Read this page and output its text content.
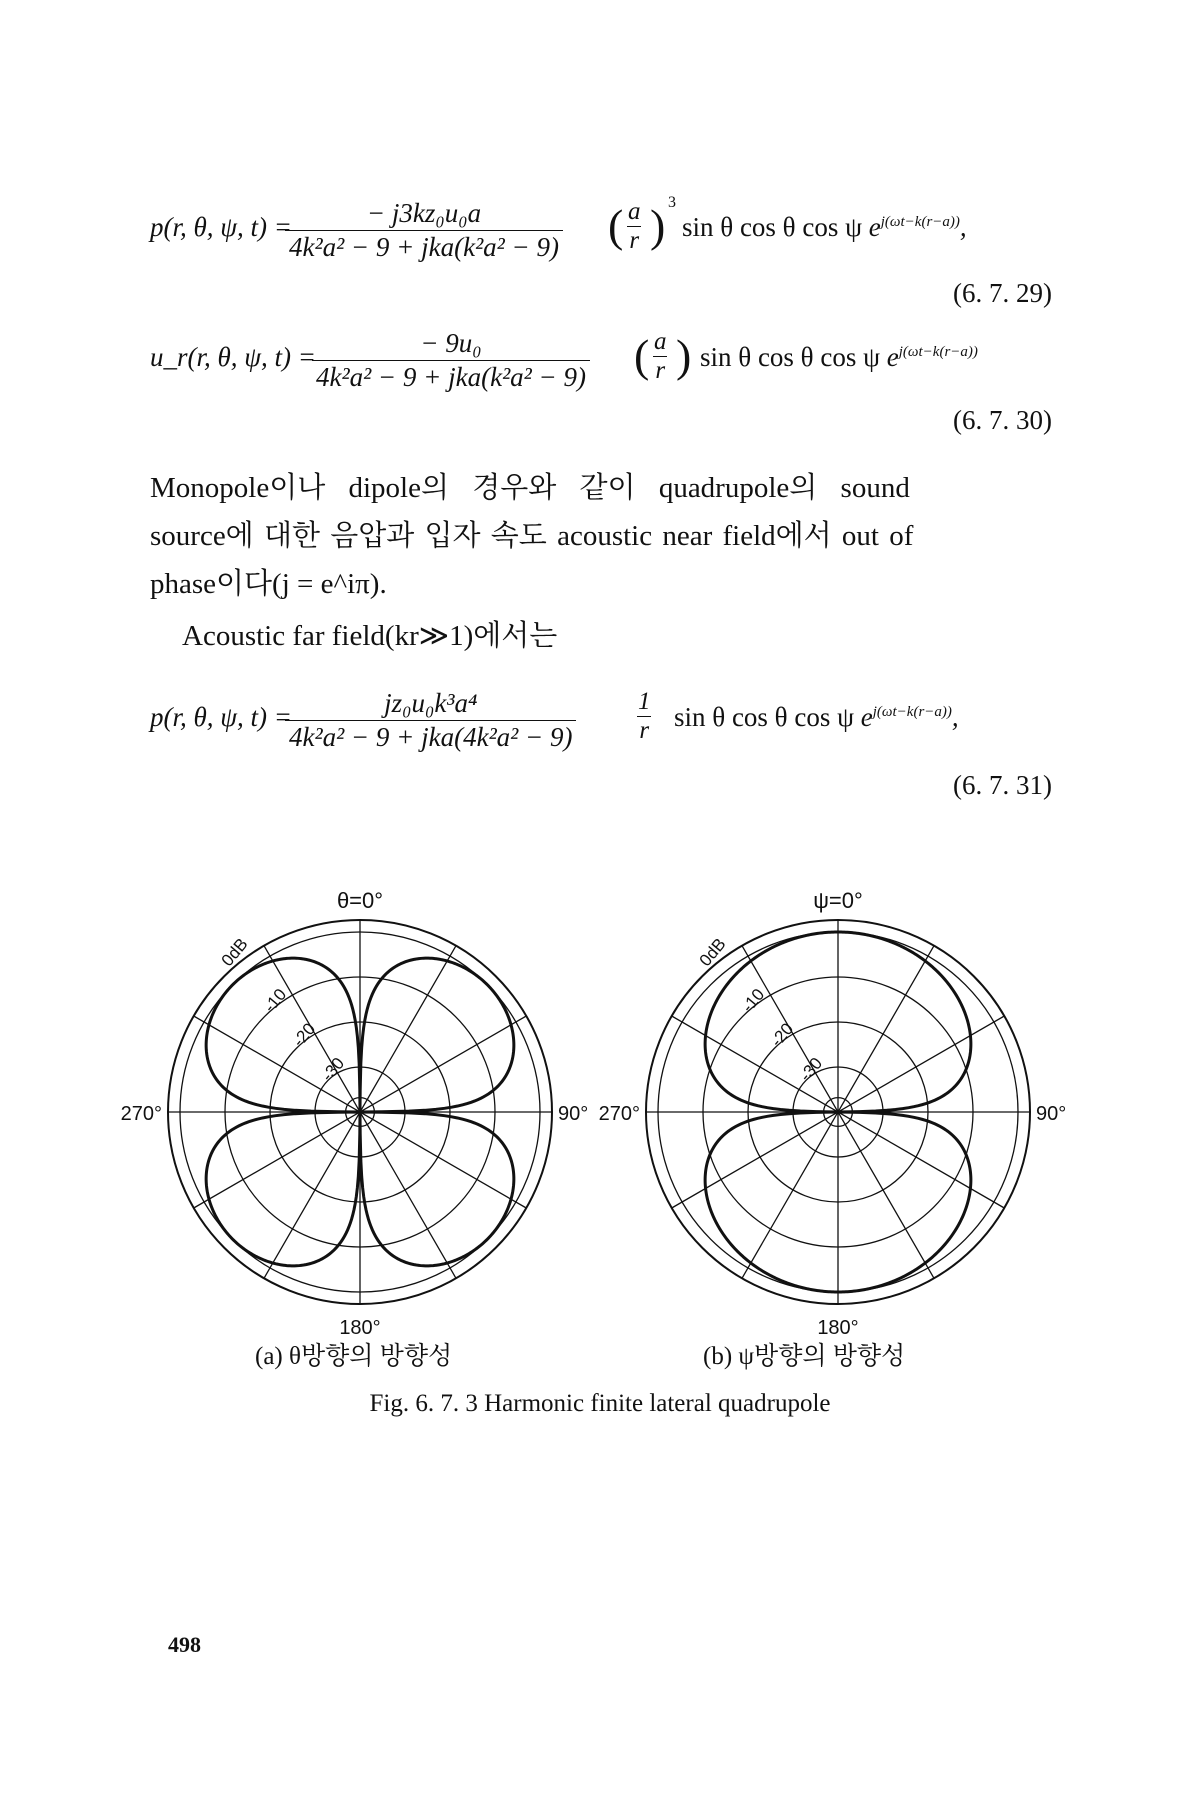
p(r, θ, ψ, t) =	− j3kz₀u₀a
4k²a² − 9 + jka(k²a² − 9) ( $\frac{a}{r}$ ) 3
sin θ cos θ cos ψ $e^{j(\omega t-k(r-a))}$,
(6. 7. 29)
u_r(r, θ, ψ, t) =	− 9u₀
4k²a² − 9 + jka(k²a² − 9) ( $\frac{a}{r}$ ) sin θ cos θ cos ψ $e^{j(\omega t-k(r-a))}$
(6. 7. 30)
Monopole이나 dipole의 경우와 같이 quadrupole의 sound
source에 대한 음압과 입자 속도 acoustic near field에서 out of
phase이다(j = e^iπ).
Acoustic far field(kr≫1)에서는
p(r, θ, ψ, t) =	jz₀u₀k³a⁴
4k²a² − 9 + jka(4k²a² − 9)	$\frac{1}{r}$ sin θ cos θ cos ψ $e^{j(\omega t-k(r-a))}$,
(6. 7. 31)
θ=0°
90°
270°
180°
0dB
-10
-20
-30
ψ=0°
90°
270°
180°
0dB
-10
-20
-30
(a) θ방향의 방향성	(b) ψ방향의 방향성
Fig. 6. 7. 3 Harmonic finite lateral quadrupole
498
